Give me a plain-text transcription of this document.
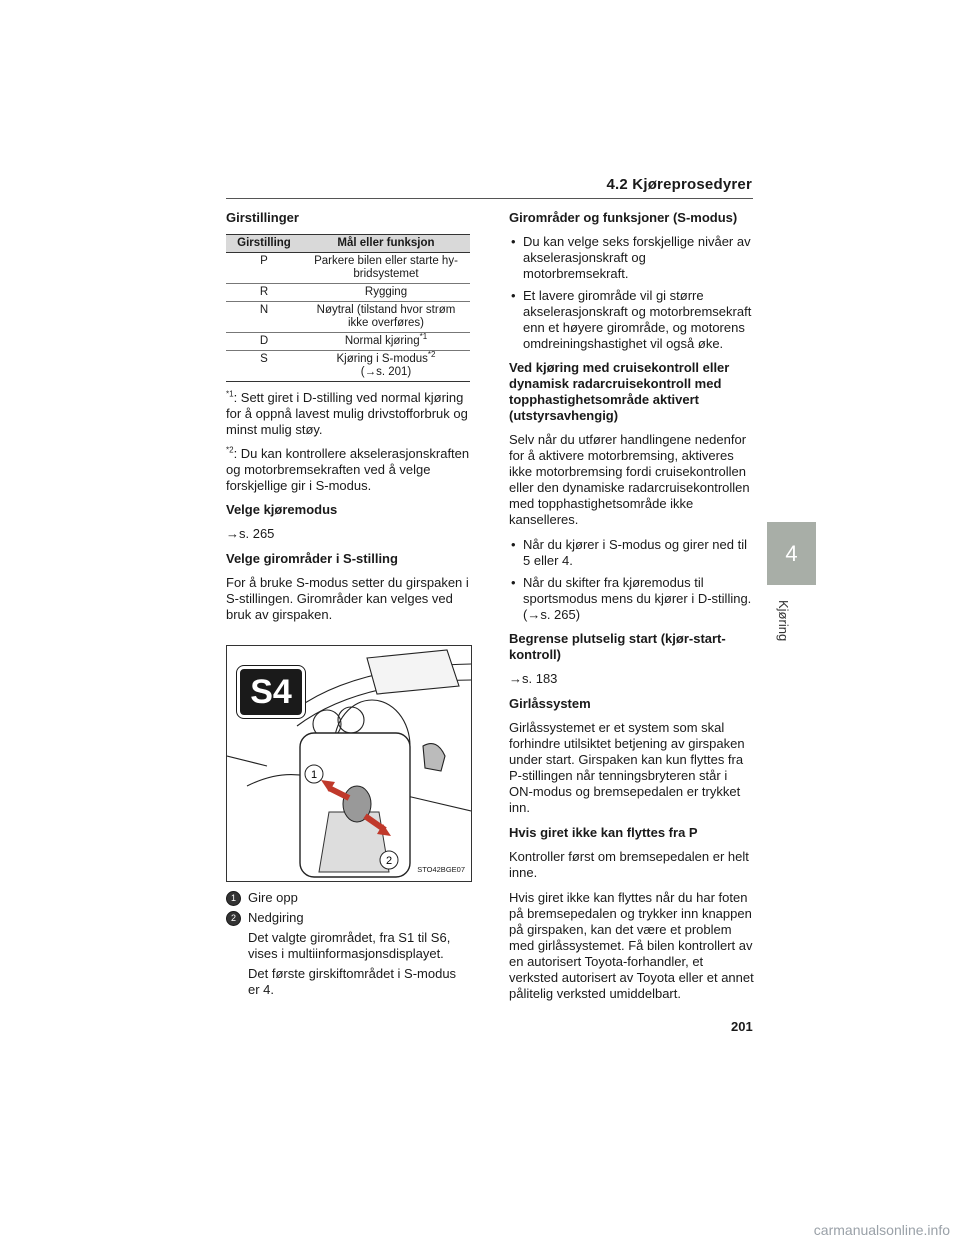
4.2 Kjøreprosedyrer
4
Kjøring
Girstillinger
Girstilling	Mål eller funksjon
P	Parkere bilen eller starte hy-bridsystemet
R	Rygging
N	Nøytral (tilstand hvor strøm ikke overføres)
D	Normal kjøring$^{*1}$
S	Kjøring i S-modus$^{*2}$
(→s. 201)

$^{*1}$: Sett giret i D-stilling ved normal kjøring for å oppnå lavest mulig drivstofforbruk og minst mulig støy.

$^{*2}$: Du kan kontrollere akselerasjonskraften og motorbremsekraften ved å velge forskjellige gir i S-modus.

Velge kjøremodus

→s. 265

Velge girområder i S-stilling

For å bruke S-modus setter du girspaken i S-stillingen. Girområder kan velges ved bruk av girspaken.

S4
1
2
STO42BGE07
• 1 Gire opp
• 2 Nedgiring

Det valgte girområdet, fra S1 til S6, vises i multiinformasjonsdisplayet.

Det første girskiftområdet i S-modus er 4.

Girområder og funksjoner (S-modus)
• Du kan velge seks forskjellige nivåer av akselerasjonskraft og motorbremsekraft.
• Et lavere girområde vil gi større akselerasjonskraft og motorbremsekraft enn et høyere girområde, og motorens omdreiningshastighet vil også øke.
Ved kjøring med cruisekontroll eller dynamisk radarcruisekontroll med topphastighetsområde aktivert (utstyrsavhengig)

Selv når du utfører handlingene nedenfor for å aktivere motorbremsing, aktiveres ikke motorbremsing fordi cruisekontrollen eller den dynamiske radarcruisekontrollen med topphastighetsområde ikke kanselleres.

• Når du kjører i S-modus og girer ned til 5 eller 4.
• Når du skifter fra kjøremodus til sportsmodus mens du kjører i D-stilling. (→s. 265)
Begrense plutselig start (kjør-start-kontroll)

→s. 183

Girlåssystem

Girlåssystemet er et system som skal forhindre utilsiktet betjening av girspaken under start. Girspaken kan kun flyttes fra P-stillingen når tenningsbryteren står i ON-modus og bremsepedalen er trykket inn.

Hvis giret ikke kan flyttes fra P

Kontroller først om bremsepedalen er helt inne.

Hvis giret ikke kan flyttes når du har foten på bremsepedalen og trykker inn knappen på girspaken, kan det være et problem med girlåssystemet. Få bilen kontrollert av en autorisert Toyota-forhandler, et verksted autorisert av Toyota eller et annet pålitelig verksted umiddelbart.

201
carmanualsonline.info
